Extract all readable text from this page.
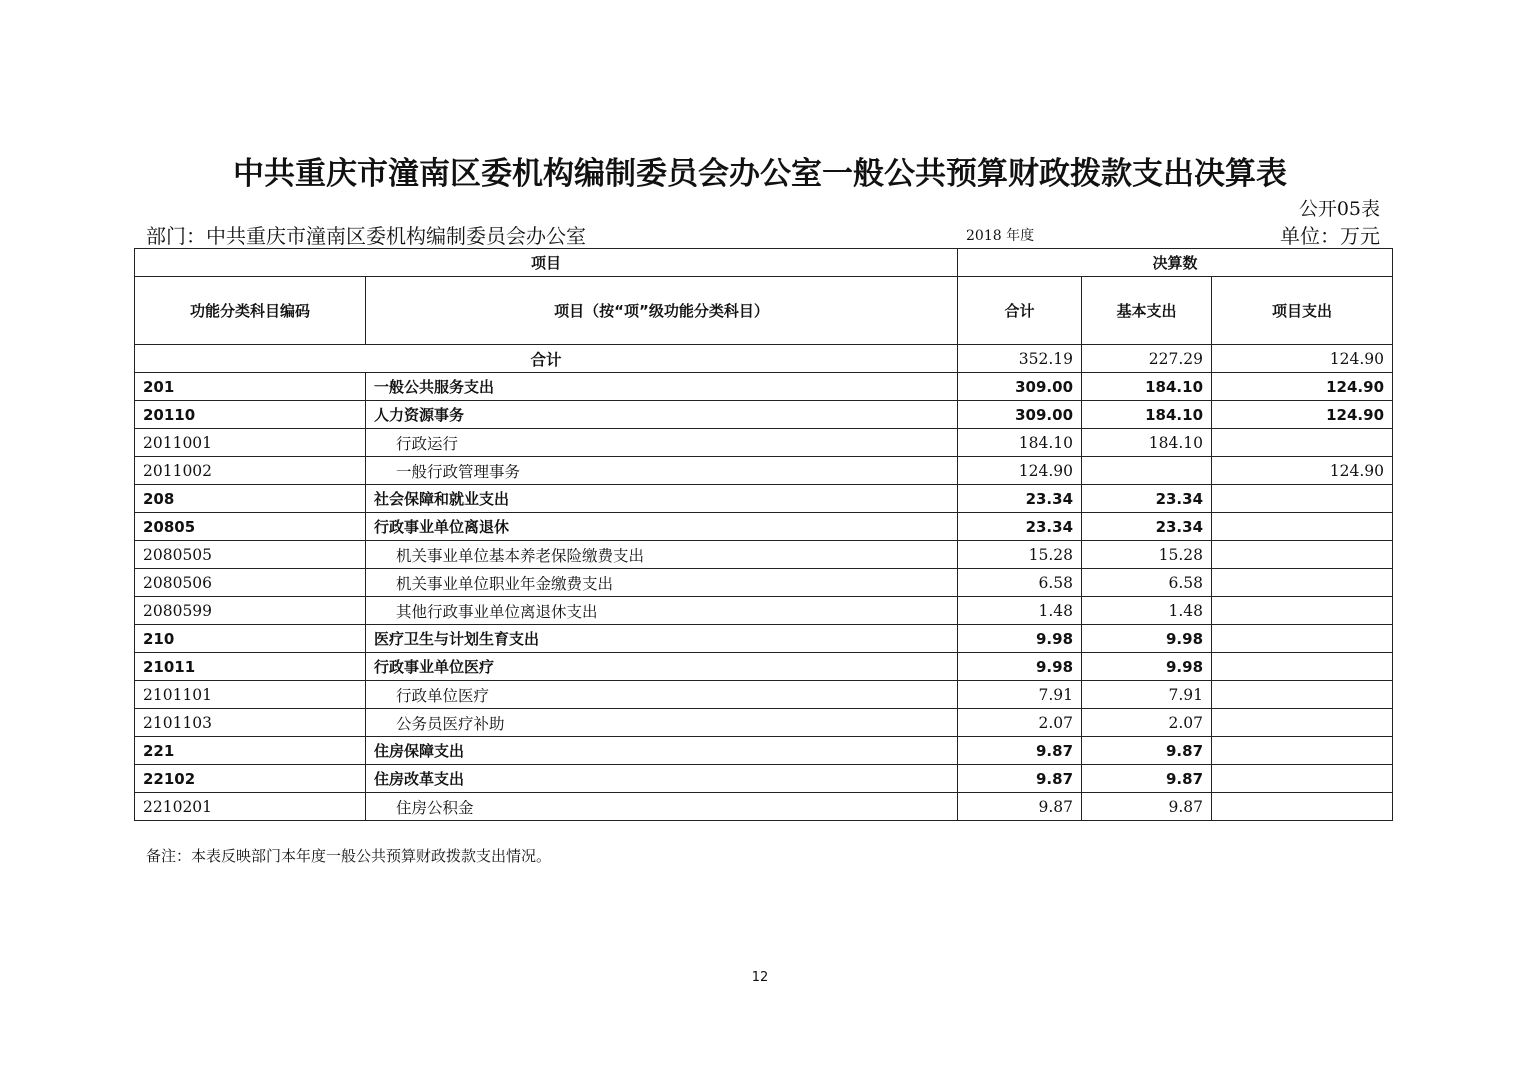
中共重庆市潼南区委机构编制委员会办公室一般公共预算财政拨款支出决算表
公开05表
部门：中共重庆市潼南区委机构编制委员会办公室	2018 年度	单位：万元
项目		决算数		
功能分类科目编码	项目（按“项”级功能分类科目）	合计	基本支出	项目支出
合计		352.19	227.29	124.90
201	一般公共服务支出	309.00	184.10	124.90
20110	人力资源事务	309.00	184.10	124.90
2011001	行政运行	184.10	184.10	
2011002	一般行政管理事务	124.90		124.90
208	社会保障和就业支出	23.34	23.34	
20805	行政事业单位离退休	23.34	23.34	
2080505	机关事业单位基本养老保险缴费支出	15.28	15.28	
2080506	机关事业单位职业年金缴费支出	6.58	6.58	
2080599	其他行政事业单位离退休支出	1.48	1.48	
210	医疗卫生与计划生育支出	9.98	9.98	
21011	行政事业单位医疗	9.98	9.98	
2101101	行政单位医疗	7.91	7.91	
2101103	公务员医疗补助	2.07	2.07	
221	住房保障支出	9.87	9.87	
22102	住房改革支出	9.87	9.87	
2210201	住房公积金	9.87	9.87	
备注：本表反映部门本年度一般公共预算财政拨款支出情况。
12
